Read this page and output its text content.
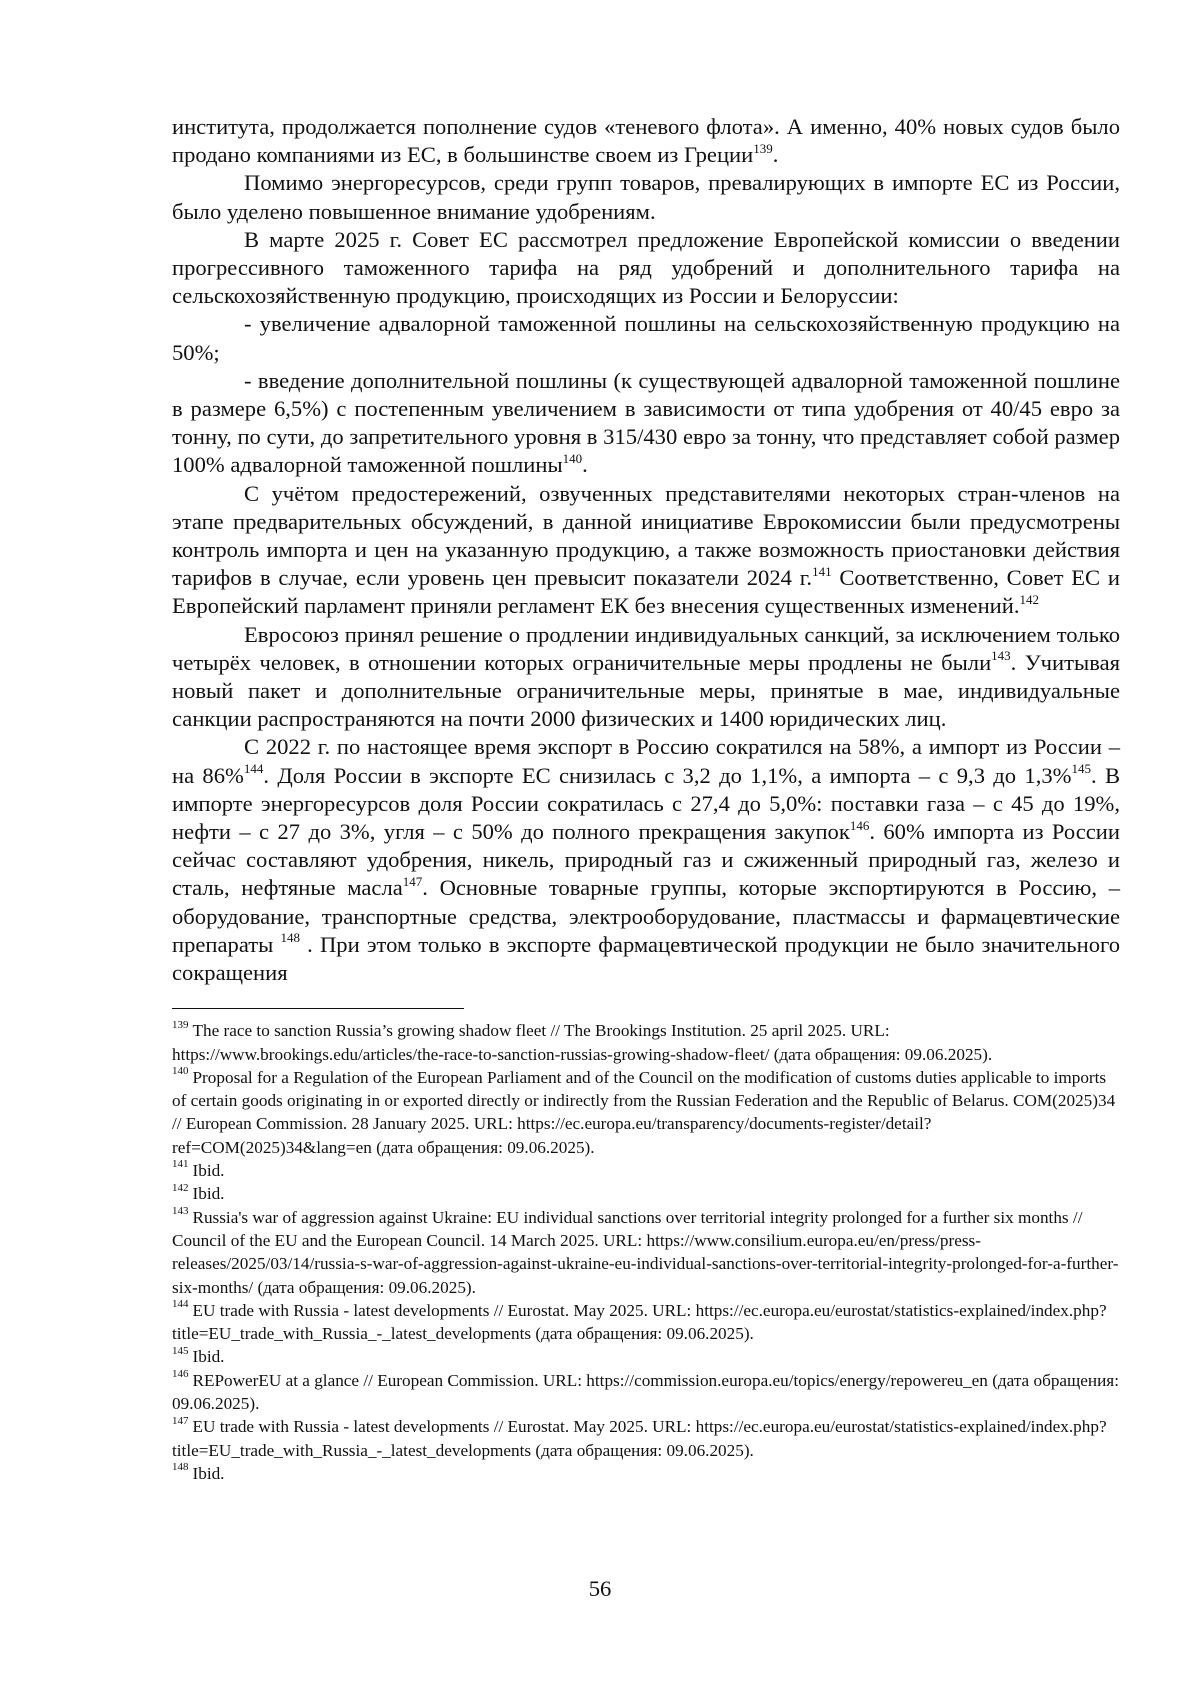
института, продолжается пополнение судов «теневого флота». А именно, 40% новых судов было продано компаниями из ЕС, в большинстве своем из Греции$^{139}$.

Помимо энергоресурсов, среди групп товаров, превалирующих в импорте ЕС из России, было уделено повышенное внимание удобрениям.

В марте 2025 г. Совет ЕС рассмотрел предложение Европейской комиссии о введении прогрессивного таможенного тарифа на ряд удобрений и дополнительного тарифа на сельскохозяйственную продукцию, происходящих из России и Белоруссии:

- увеличение адвалорной таможенной пошлины на сельскохозяйственную продукцию на 50%;

- введение дополнительной пошлины (к существующей адвалорной таможенной пошлине в размере 6,5%) с постепенным увеличением в зависимости от типа удобрения от 40/45 евро за тонну, по сути, до запретительного уровня в 315/430 евро за тонну, что представляет собой размер 100% адвалорной таможенной пошлины$^{140}$.

С учётом предостережений, озвученных представителями некоторых стран-членов на этапе предварительных обсуждений, в данной инициативе Еврокомиссии были предусмотрены контроль импорта и цен на указанную продукцию, а также возможность приостановки действия тарифов в случае, если уровень цен превысит показатели 2024 г.$^{141}$ Соответственно, Совет ЕС и Европейский парламент приняли регламент ЕК без внесения существенных изменений.$^{142}$

Евросоюз принял решение о продлении индивидуальных санкций, за исключением только четырёх человек, в отношении которых ограничительные меры продлены не были$^{143}$. Учитывая новый пакет и дополнительные ограничительные меры, принятые в мае, индивидуальные санкции распространяются на почти 2000 физических и 1400 юридических лиц.

С 2022 г. по настоящее время экспорт в Россию сократился на 58%, а импорт из России – на 86%$^{144}$. Доля России в экспорте ЕС снизилась с 3,2 до 1,1%, а импорта – с 9,3 до 1,3%$^{145}$. В импорте энергоресурсов доля России сократилась с 27,4 до 5,0%: поставки газа – с 45 до 19%, нефти – с 27 до 3%, угля – с 50% до полного прекращения закупок$^{146}$. 60% импорта из России сейчас составляют удобрения, никель, природный газ и сжиженный природный газ, железо и сталь, нефтяные масла$^{147}$. Основные товарные группы, которые экспортируются в Россию, – оборудование, транспортные средства, электрооборудование, пластмассы и фармацевтические препараты $^{148}$ . При этом только в экспорте фармацевтической продукции не было значительного сокращения

$^{139}$ The race to sanction Russia’s growing shadow fleet // The Brookings Institution. 25 april 2025. URL: https://www.brookings.edu/articles/the-race-to-sanction-russias-growing-shadow-fleet/ (дата обращения: 09.06.2025).

$^{140}$ Proposal for a Regulation of the European Parliament and of the Council on the modification of customs duties applicable to imports of certain goods originating in or exported directly or indirectly from the Russian Federation and the Republic of Belarus. COM(2025)34 // European Commission. 28 January 2025. URL: https://ec.europa.eu/transparency/documents-register/detail?ref=COM(2025)34&lang=en (дата обращения: 09.06.2025).

$^{141}$ Ibid.

$^{142}$ Ibid.

$^{143}$ Russia's war of aggression against Ukraine: EU individual sanctions over territorial integrity prolonged for a further six months // Council of the EU and the European Council. 14 March 2025. URL: https://www.consilium.europa.eu/en/press/press-releases/2025/03/14/russia-s-war-of-aggression-against-ukraine-eu-individual-sanctions-over-territorial-integrity-prolonged-for-a-further-six-months/ (дата обращения: 09.06.2025).

$^{144}$ EU trade with Russia - latest developments // Eurostat. May 2025. URL: https://ec.europa.eu/eurostat/statistics-explained/index.php?title=EU_trade_with_Russia_-_latest_developments (дата обращения: 09.06.2025).

$^{145}$ Ibid.

$^{146}$ REPowerEU at a glance // European Commission. URL: https://commission.europa.eu/topics/energy/repowereu_en (дата обращения: 09.06.2025).

$^{147}$ EU trade with Russia - latest developments // Eurostat. May 2025. URL: https://ec.europa.eu/eurostat/statistics-explained/index.php?title=EU_trade_with_Russia_-_latest_developments (дата обращения: 09.06.2025).

$^{148}$ Ibid.

56
